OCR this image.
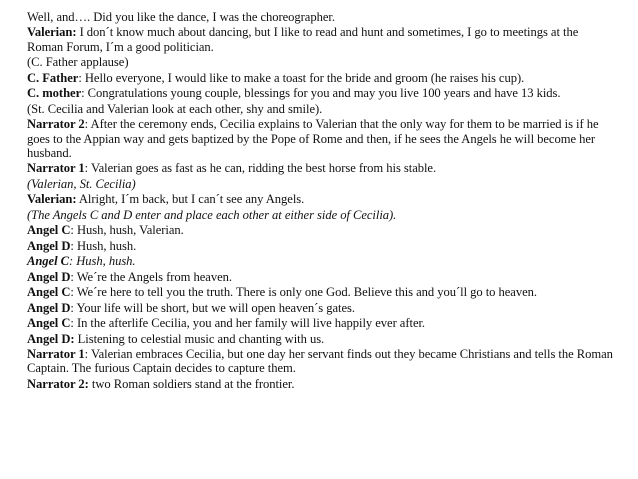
Well, and…. Did you like the dance, I was the choreographer.

Valerian: I don´t know much about dancing, but I like to read and hunt and sometimes, I go to meetings at the Roman Forum, I´m a good politician.

(C. Father applause)

C. Father: Hello everyone, I would like to make a toast for the bride and groom (he raises his cup).

C. mother: Congratulations young couple, blessings for you and may you live 100 years and have 13 kids.

(St. Cecilia and Valerian look at each other, shy and smile).

Narrator 2: After the ceremony ends, Cecilia explains to Valerian that the only way for them to be married is if he goes to the Appian way and gets baptized by the Pope of Rome and then, if he sees the Angels he will become her husband.

Narrator 1: Valerian goes as fast as he can, ridding the best horse from his stable.

(Valerian, St. Cecilia)

Valerian: Alright, I´m back, but I can´t see any Angels.

(The Angels C and D enter and place each other at either side of Cecilia).

Angel C: Hush, hush, Valerian.

Angel D: Hush, hush.

Angel C: Hush, hush.

Angel D: We´re the Angels from heaven.

Angel C: We´re here to tell you the truth. There is only one God. Believe this and you´ll go to heaven.

Angel D: Your life will be short, but we will open heaven´s gates.

Angel C: In the afterlife Cecilia, you and her family will live happily ever after.

Angel D: Listening to celestial music and chanting with us.

Narrator 1: Valerian embraces Cecilia, but one day her servant finds out they became Christians and tells the Roman Captain. The furious Captain decides to capture them.

Narrator 2: two Roman soldiers stand at the frontier.
